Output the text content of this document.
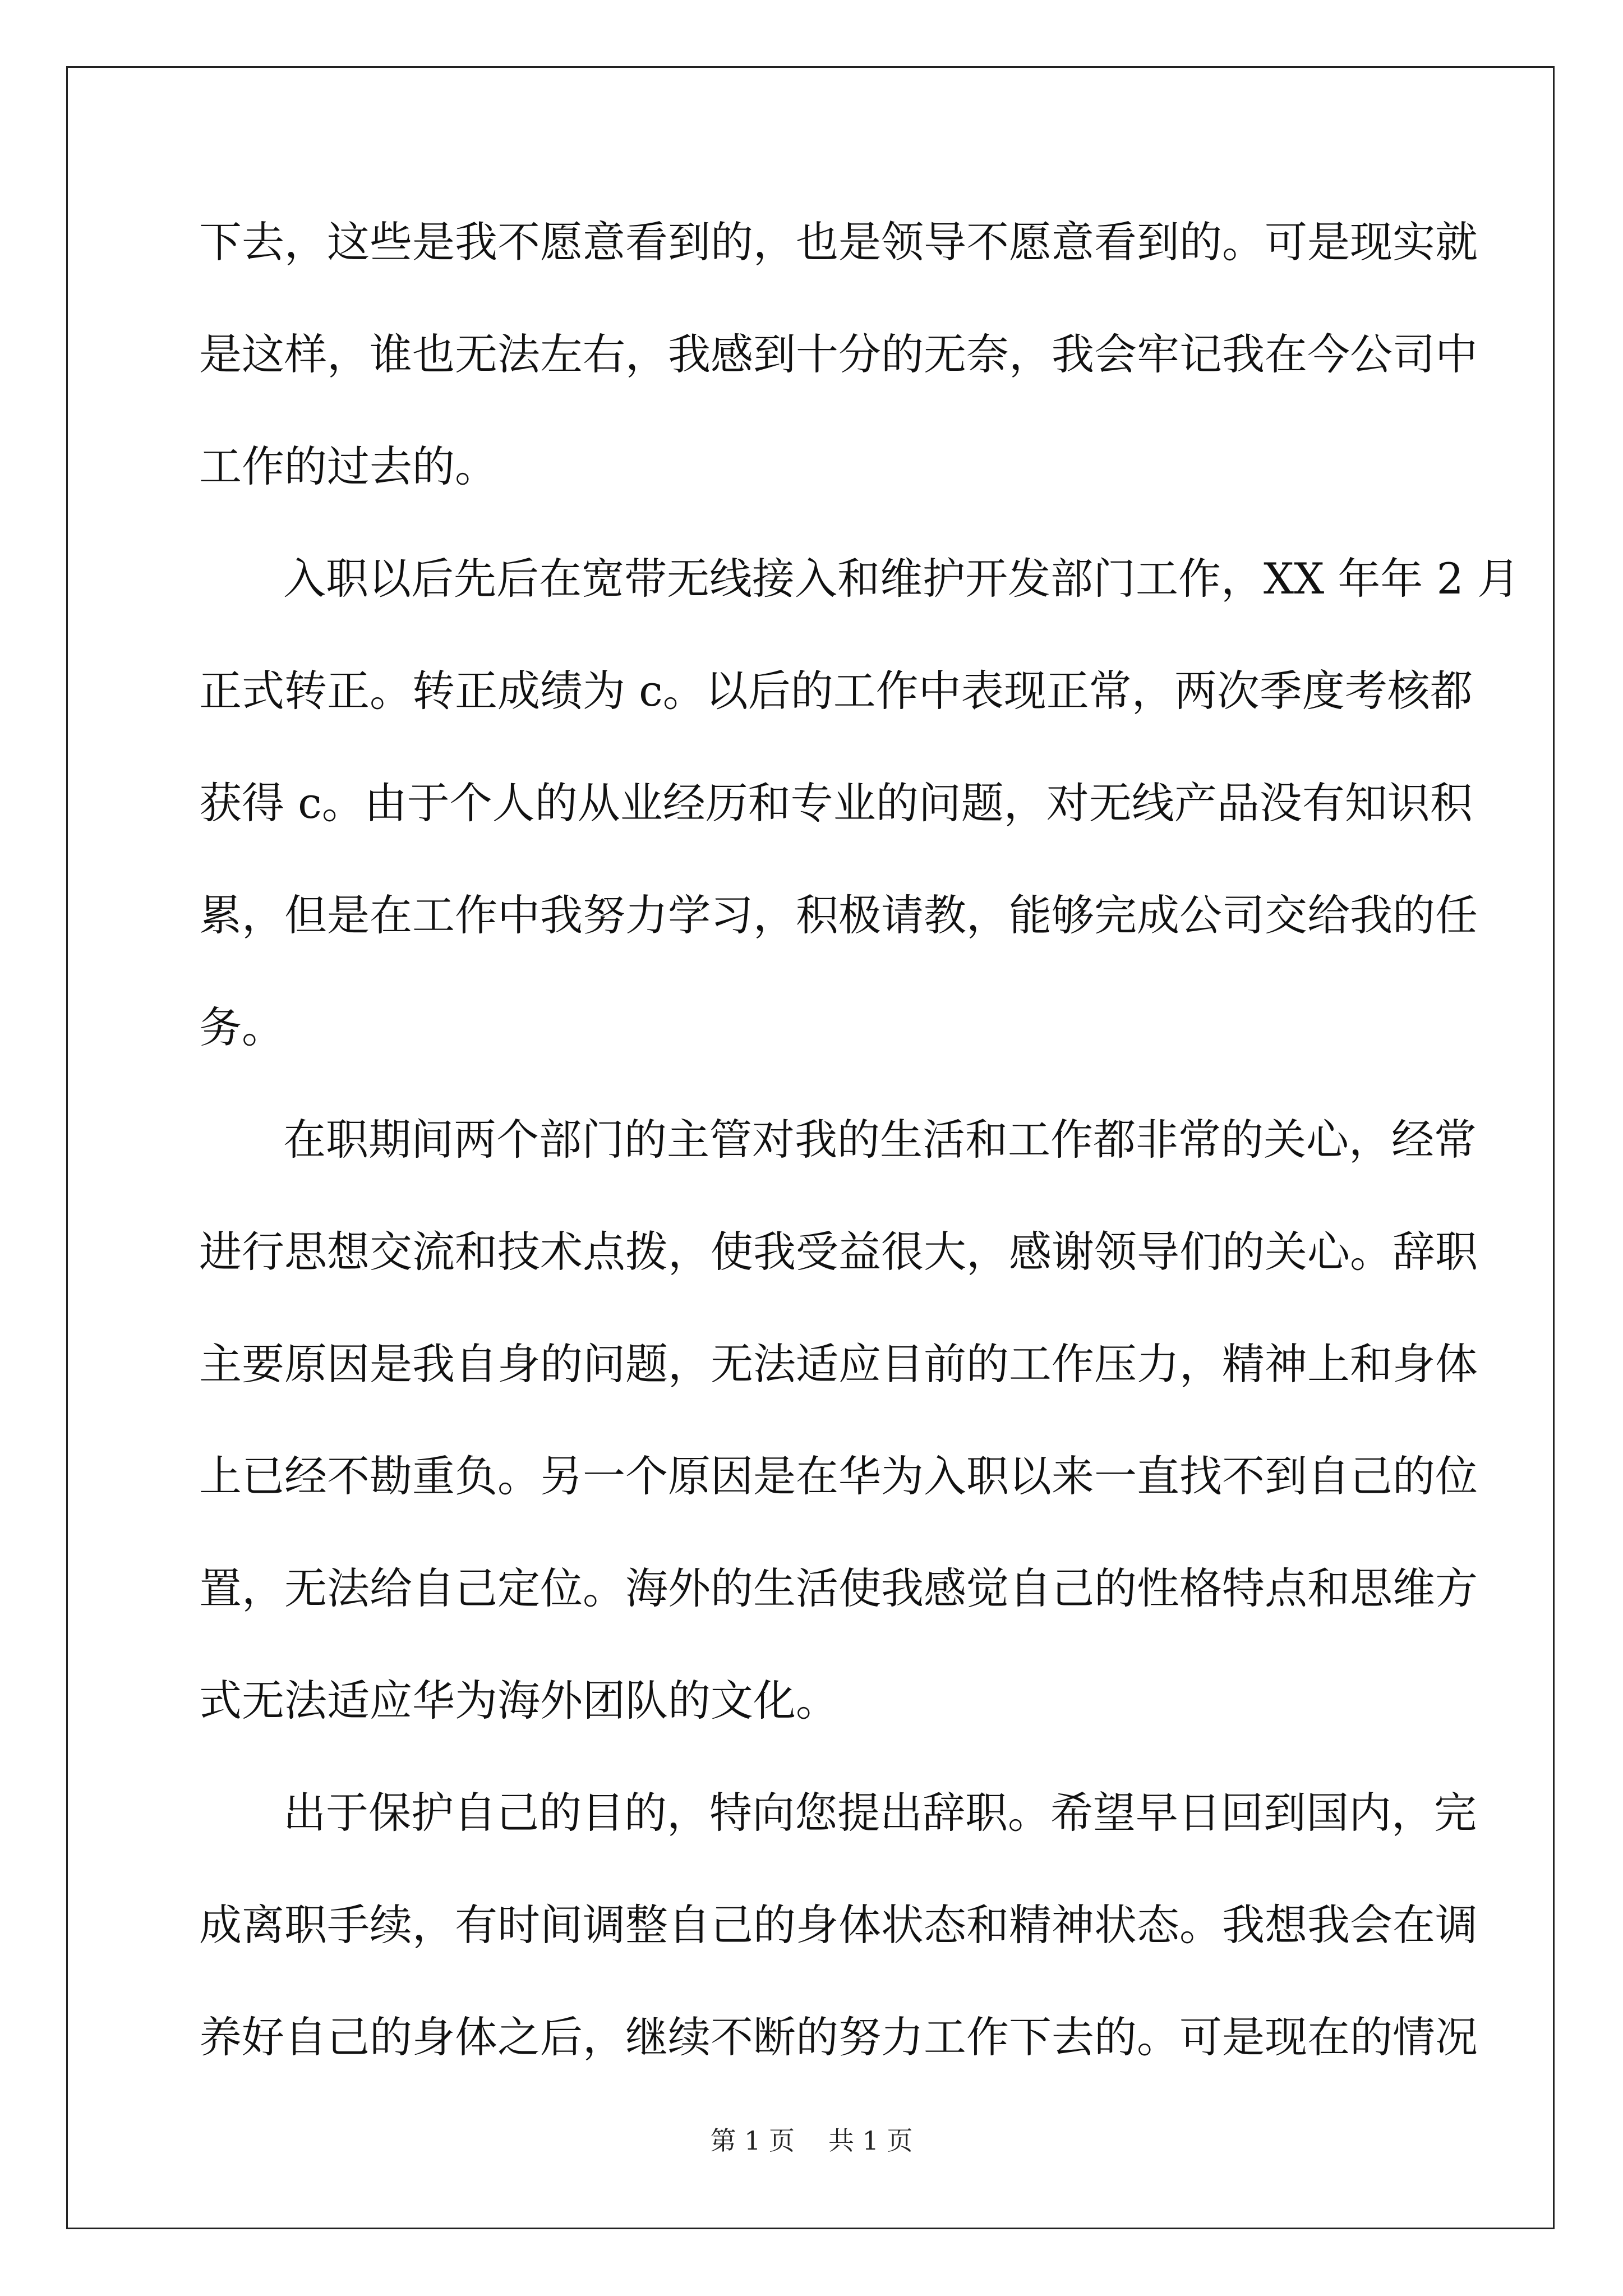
下去，这些是我不愿意看到的，也是领导不愿意看到的。可是现实就
是这样，谁也无法左右，我感到十分的无奈，我会牢记我在今公司中
工作的过去的。
入职以后先后在宽带无线接入和维护开发部门工作，XX 年年 2 月
正式转正。转正成绩为 c。以后的工作中表现正常，两次季度考核都
获得 c。由于个人的从业经历和专业的问题，对无线产品没有知识积
累，但是在工作中我努力学习，积极请教，能够完成公司交给我的任
务。
在职期间两个部门的主管对我的生活和工作都非常的关心，经常
进行思想交流和技术点拨，使我受益很大，感谢领导们的关心。辞职
主要原因是我自身的问题，无法适应目前的工作压力，精神上和身体
上已经不勘重负。另一个原因是在华为入职以来一直找不到自己的位
置，无法给自己定位。海外的生活使我感觉自己的性格特点和思维方
式无法适应华为海外团队的文化。
出于保护自己的目的，特向您提出辞职。希望早日回到国内，完
成离职手续，有时间调整自己的身体状态和精神状态。我想我会在调
养好自己的身体之后，继续不断的努力工作下去的。可是现在的情况
第 1 页 共 1 页
